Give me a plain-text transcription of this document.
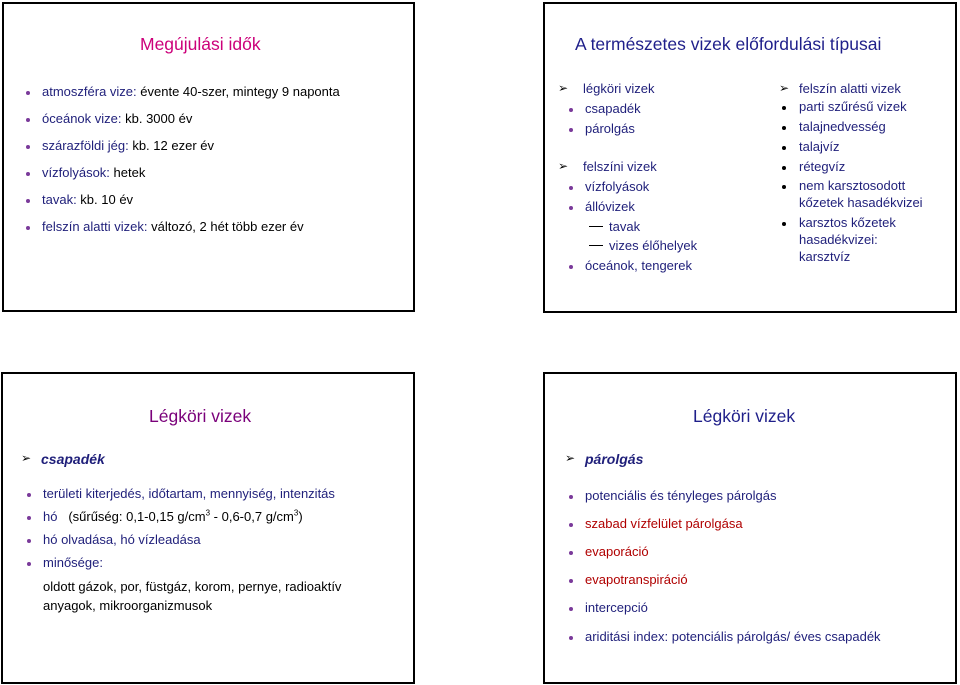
Megújulási idők
atmoszféra vize: évente 40-szer, mintegy 9 naponta
óceánok vize: kb. 3000 év
szárazföldi jég: kb. 12 ezer év
vízfolyások: hetek
tavak: kb. 10 év
felszín alatti vizek: változó, 2 hét több ezer év
A természetes vizek előfordulási típusai
➢ légköri vizek
csapadék
párolgás
➢ felszíni vizek
vízfolyások
állóvizek
tavak
vizes élőhelyek
óceánok, tengerek
➢ felszín alatti vizek
parti szűrésű vizek
talajnedvesség
talajvíz
rétegvíz
nem karsztosodott
kőzetek hasadékvizei
karsztos kőzetek
hasadékvizei:
karsztvíz
Légköri vizek
➢ csapadék
területi kiterjedés, időtartam, mennyiség, intenzitás
hó (sűrűség: 0,1-0,15 $g/cm^3 - 0,6-0,7$ $g/cm^3$)
hó olvadása, hó vízleadása
minősége:
oldott gázok, por, füstgáz, korom, pernye, radioaktív
anyagok, mikroorganizmusok
Légköri vizek
➢ párolgás
potenciális és tényleges párolgás
szabad vízfelület párolgása
evaporáció
evapotranspiráció
intercepció
ariditási index: potenciális párolgás/ éves csapadék
